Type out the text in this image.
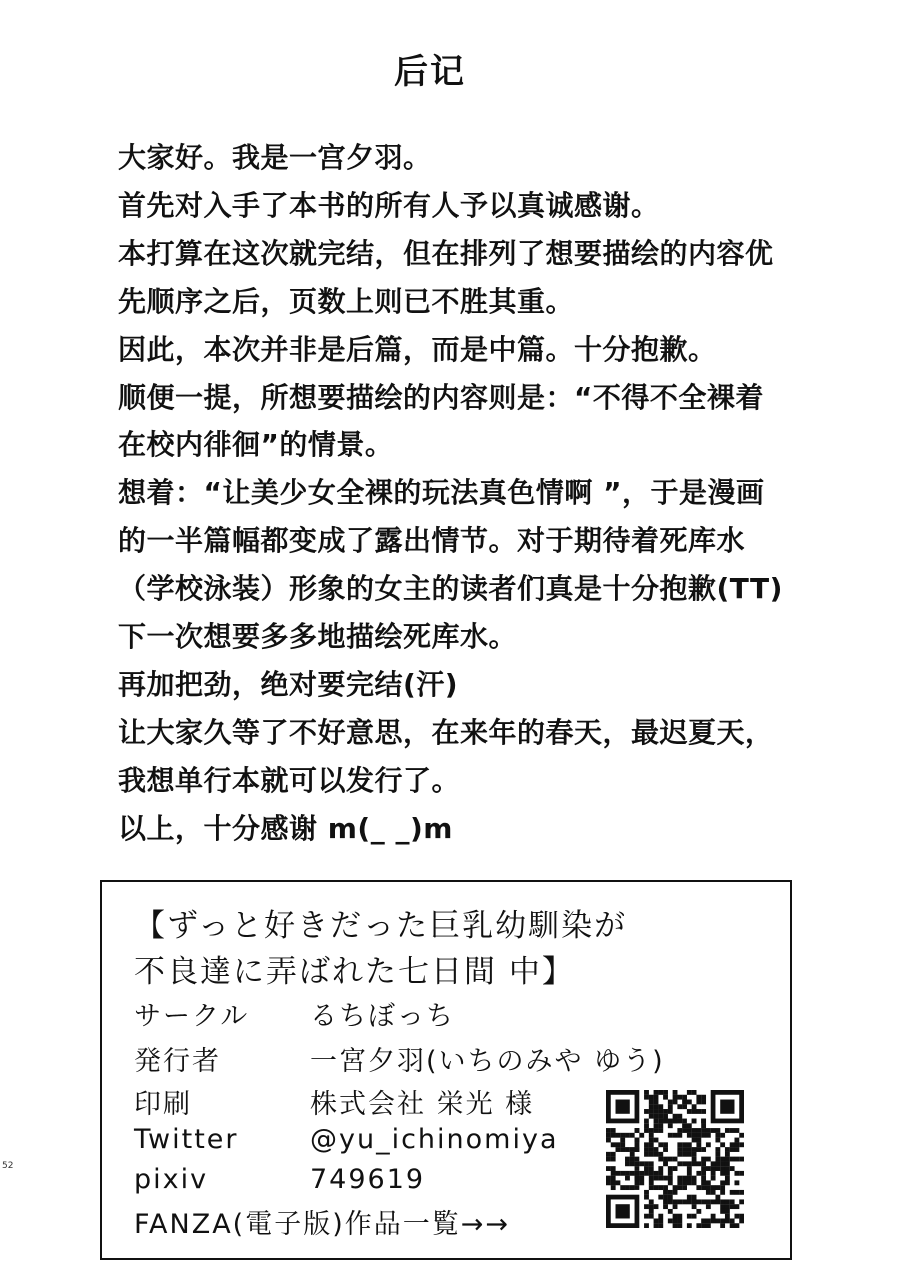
后记
大家好。我是一宫夕羽。
首先对入手了本书的所有人予以真诚感谢。
本打算在这次就完结，但在排列了想要描绘的内容优
先顺序之后，页数上则已不胜其重。
因此，本次并非是后篇，而是中篇。十分抱歉。
顺便一提，所想要描绘的内容则是：“不得不全裸着
在校内徘徊”的情景。
想着：“让美少女全裸的玩法真色情啊 ”，于是漫画
的一半篇幅都变成了露出情节。对于期待着死库水
（学校泳装）形象的女主的读者们真是十分抱歉(TT)
下一次想要多多地描绘死库水。
再加把劲，绝对要完结(汗)
让大家久等了不好意思，在来年的春天，最迟夏天，
我想单行本就可以发行了。
以上，十分感谢 m(_ _)m
【ずっと好きだった巨乳幼馴染が
不良達に弄ばれた七日間 中】
サークル るちぼっち
発行者	一宮夕羽(いちのみや ゆう)
印刷	株式会社 栄光 様
Twitter	@yu_ichinomiya
pixiv	749619
FANZA(電子版)作品一覧→→
52
